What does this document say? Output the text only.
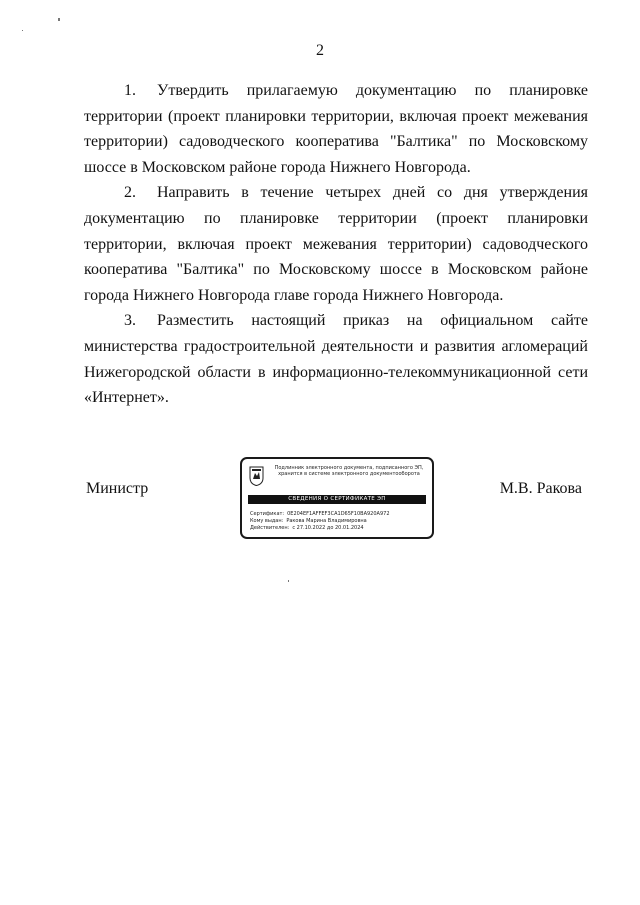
2

1. Утвердить прилагаемую документацию по планировке территории (проект планировки территории, включая проект межевания территории) садоводческого кооператива "Балтика" по Московскому шоссе в Московском районе города Нижнего Новгорода.

2. Направить в течение четырех дней со дня утверждения документацию по планировке территории (проект планировки территории, включая проект межевания территории) садоводческого кооператива "Балтика" по Московскому шоссе в Московском районе города Нижнего Новгорода главе города Нижнего Новгорода.

3. Разместить настоящий приказ на официальном сайте министерства градостроительной деятельности и развития агломераций Нижегородской области в информационно-телекоммуникационной сети «Интернет».

Министр	М.В. Ракова
Подлинник электронного документа, подписанного ЭП, хранится в системе электронного документооборота
СВЕДЕНИЯ О СЕРТИФИКАТЕ ЭП
Сертификат: 0E204EF1AFFEF3CA1D65F10BA920A972
Кому выдан: Ракова Марина Владимировна
Действителен: с 27.10.2022 до 20.01.2024
